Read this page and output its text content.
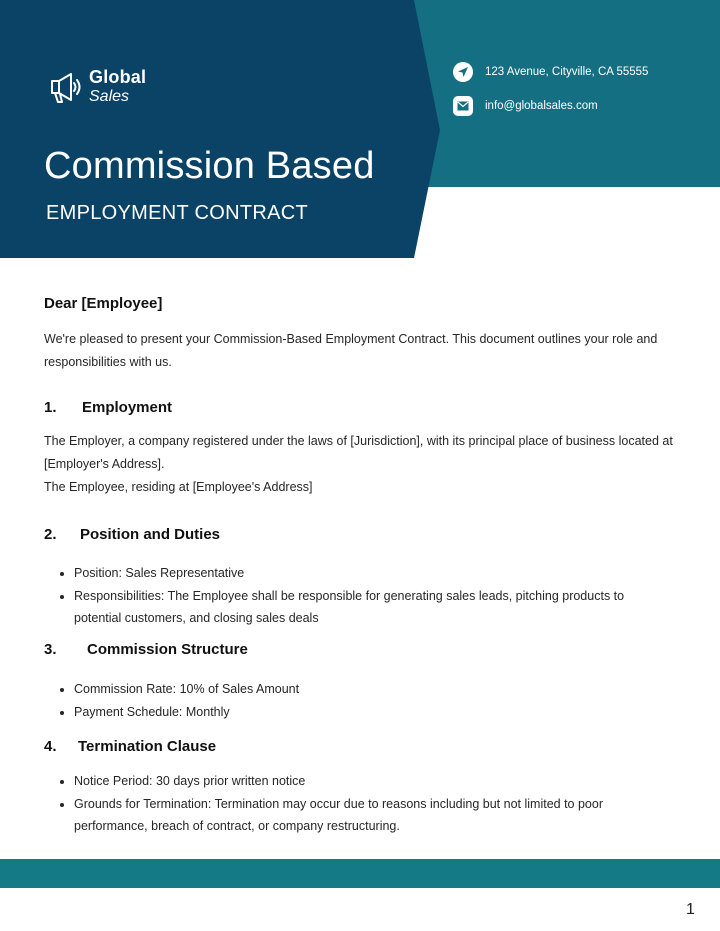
Global
Sales
Commission Based
EMPLOYMENT CONTRACT
123 Avenue, Cityville, CA 55555
info@globalsales.com
Dear [Employee]

We're pleased to present your Commission-Based Employment Contract. This document outlines your role and responsibilities with us.

1.	Employment

The Employer, a company registered under the laws of [Jurisdiction], with its principal place of business located at [Employer's Address].

The Employee, residing at [Employee's Address]

2.	Position and Duties
• Position: Sales Representative
• Responsibilities: The Employee shall be responsible for generating sales leads, pitching products to potential customers, and closing sales deals
3.	Commission Structure
• Commission Rate: 10% of Sales Amount
• Payment Schedule: Monthly
4.	Termination Clause
• Notice Period: 30 days prior written notice
• Grounds for Termination: Termination may occur due to reasons including but not limited to poor performance, breach of contract, or company restructuring.
1
